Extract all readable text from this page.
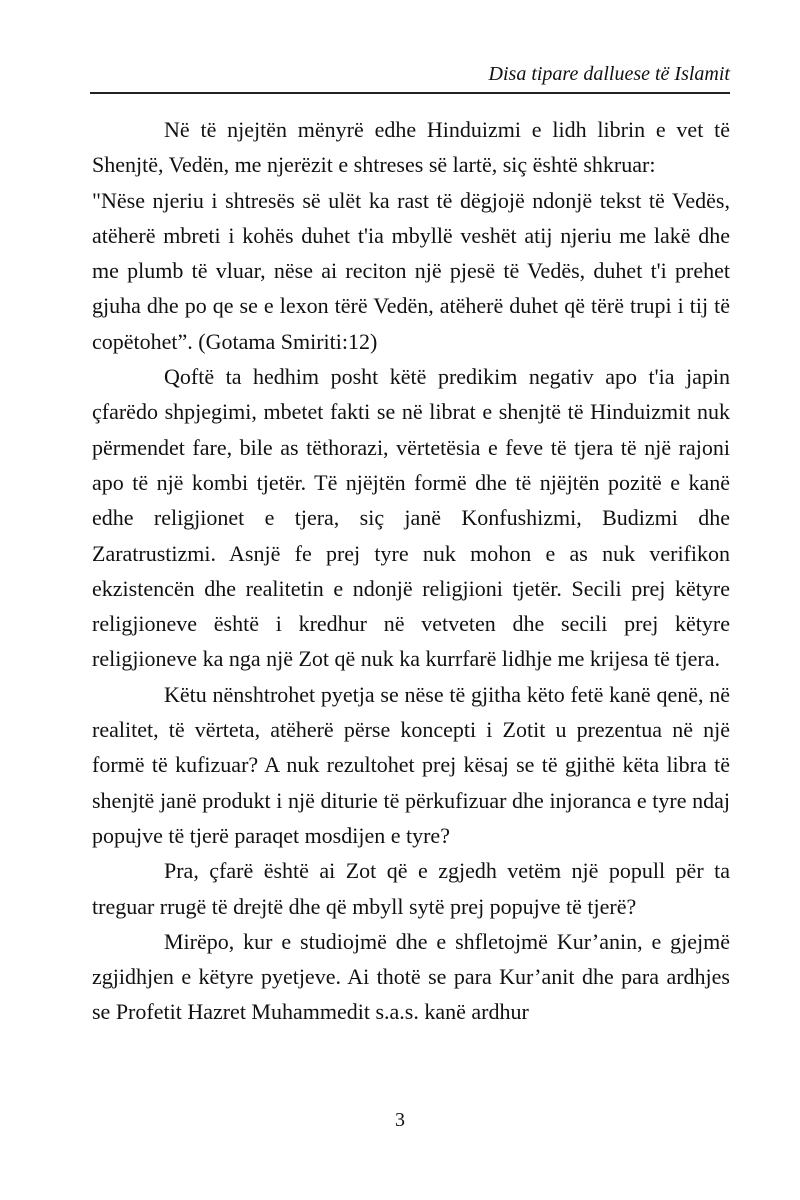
Disa tipare dalluese të Islamit

Në të njejtën mënyrë edhe Hinduizmi e lidh librin e vet të Shenjtë, Vedën, me njerëzit e shtreses së lartë, siç është shkruar:

"Nëse njeriu i shtresës së ulët ka rast të dëgjojë ndonjë tekst të Vedës, atëherë mbreti i kohës duhet t'ia mbyllë veshët atij njeriu me lakë dhe me plumb të vluar, nëse ai reciton një pjesë të Vedës, duhet t'i prehet gjuha dhe po qe se e lexon tërë Vedën, atëherë duhet që tërë trupi i tij të copëtohet”. (Gotama Smiriti:12)

Qoftë ta hedhim posht këtë predikim negativ apo t'ia japin çfarëdo shpjegimi, mbetet fakti se në librat e shenjtë të Hinduizmit nuk përmendet fare, bile as tëthorazi, vërtetësia e feve të tjera të një rajoni apo të një kombi tjetër. Të njëjtën formë dhe të njëjtën pozitë e kanë edhe religjionet e tjera, siç janë Konfushizmi, Budizmi dhe Zaratrustizmi. Asnjë fe prej tyre nuk mohon e as nuk verifikon ekzistencën dhe realitetin e ndonjë religjioni tjetër. Secili prej këtyre religjioneve është i kredhur në vetveten dhe secili prej këtyre religjioneve ka nga një Zot që nuk ka kurrfarë lidhje me krijesa të tjera.

Këtu nënshtrohet pyetja se nëse të gjitha këto fetë kanë qenë, në realitet, të vërteta, atëherë përse koncepti i Zotit u prezentua në një formë të kufizuar? A nuk rezultohet prej kësaj se të gjithë këta libra të shenjtë janë produkt i një diturie të përkufizuar dhe injoranca e tyre ndaj popujve të tjerë paraqet mosdijen e tyre?

Pra, çfarë është ai Zot që e zgjedh vetëm një popull për ta treguar rrugë të drejtë dhe që mbyll sytë prej popujve të tjerë?

Mirëpo, kur e studiojmë dhe e shfletojmë Kur’anin, e gjejmë zgjidhjen e këtyre pyetjeve. Ai thotë se para Kur’anit dhe para ardhjes se Profetit Hazret Muhammedit s.a.s. kanë ardhur

3
